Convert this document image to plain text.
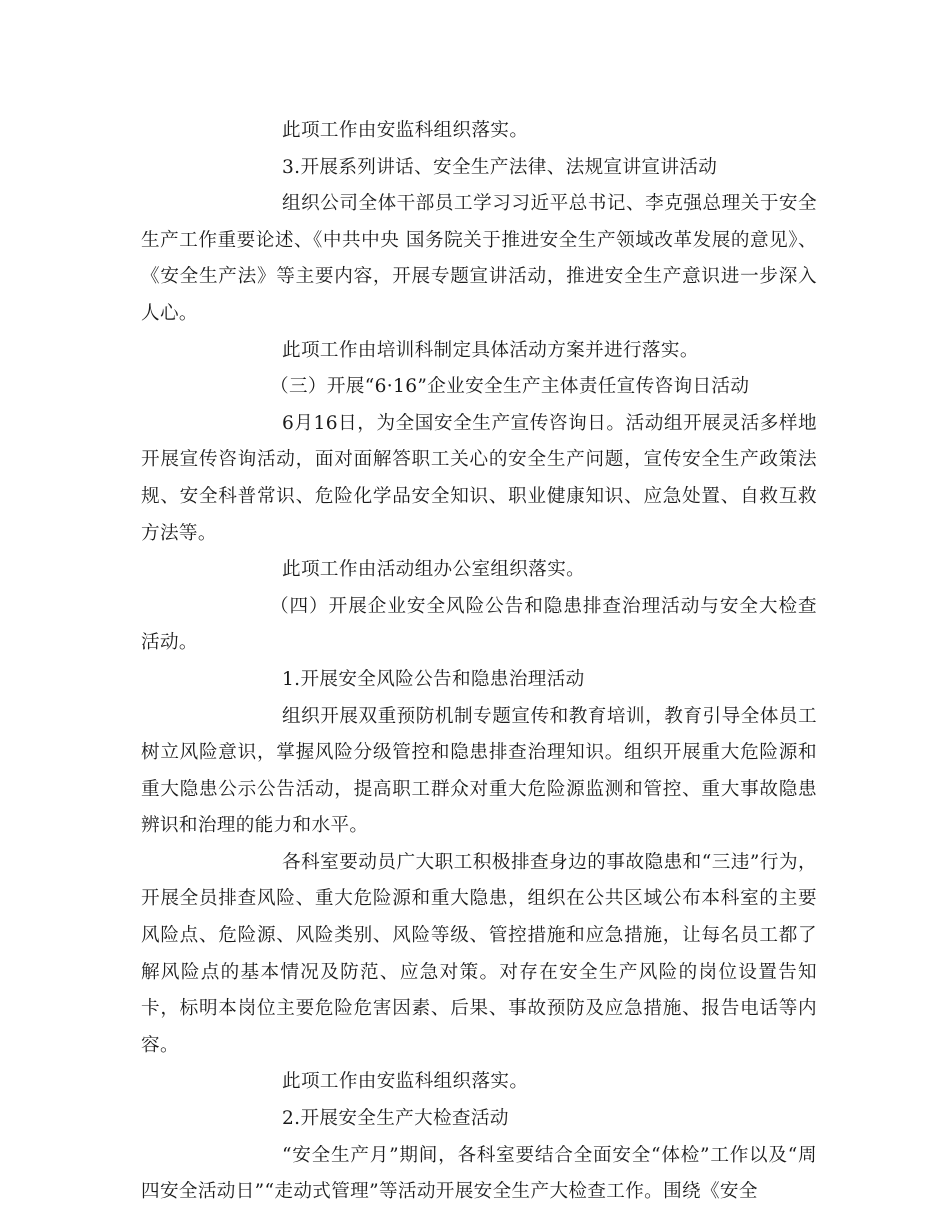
此项工作由安监科组织落实。

3.开展系列讲话、安全生产法律、法规宣讲宣讲活动

组织公司全体干部员工学习习近平总书记、李克强总理关于安全生产工作重要论述、《中共中央 国务院关于推进安全生产领域改革发展的意见》、《安全生产法》等主要内容，开展专题宣讲活动，推进安全生产意识进一步深入人心。

此项工作由培训科制定具体活动方案并进行落实。

（三）开展“6·16”企业安全生产主体责任宣传咨询日活动

6月16日，为全国安全生产宣传咨询日。活动组开展灵活多样地开展宣传咨询活动，面对面解答职工关心的安全生产问题，宣传安全生产政策法规、安全科普常识、危险化学品安全知识、职业健康知识、应急处置、自救互救方法等。

此项工作由活动组办公室组织落实。

（四）开展企业安全风险公告和隐患排查治理活动与安全大检查活动。

1.开展安全风险公告和隐患治理活动

组织开展双重预防机制专题宣传和教育培训，教育引导全体员工树立风险意识，掌握风险分级管控和隐患排查治理知识。组织开展重大危险源和重大隐患公示公告活动，提高职工群众对重大危险源监测和管控、重大事故隐患辨识和治理的能力和水平。

各科室要动员广大职工积极排查身边的事故隐患和“三违”行为，开展全员排查风险、重大危险源和重大隐患，组织在公共区域公布本科室的主要风险点、危险源、风险类别、风险等级、管控措施和应急措施，让每名员工都了解风险点的基本情况及防范、应急对策。对存在安全生产风险的岗位设置告知卡，标明本岗位主要危险危害因素、后果、事故预防及应急措施、报告电话等内容。

此项工作由安监科组织落实。

2.开展安全生产大检查活动

“安全生产月”期间，各科室要结合全面安全“体检”工作以及“周四安全活动日”“走动式管理”等活动开展安全生产大检查工作。围绕《安全
